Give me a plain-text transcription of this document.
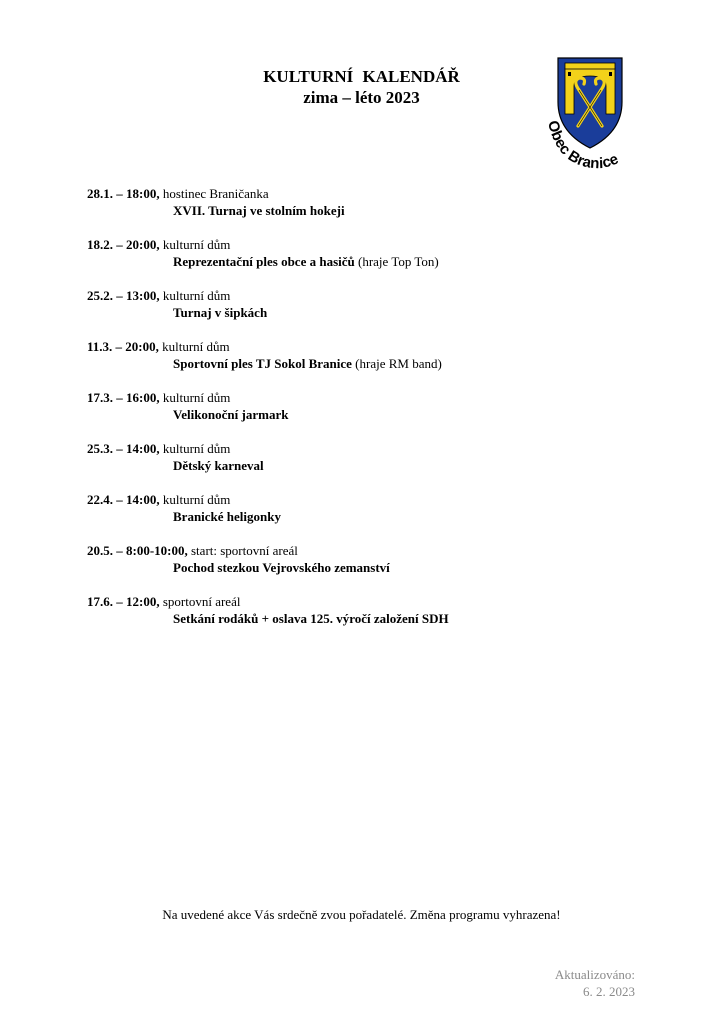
KULTURNÍ KALENDÁŘ
zima – léto 2023
Obec Branice
28.1. – 18:00, hostinec Braničanka
XVII. Turnaj ve stolním hokeji
18.2. – 20:00, kulturní dům
Reprezentační ples obce a hasičů (hraje Top Ton)
25.2. – 13:00, kulturní dům
Turnaj v šipkách
11.3. – 20:00, kulturní dům
Sportovní ples TJ Sokol Branice (hraje RM band)
17.3. – 16:00, kulturní dům
Velikonoční jarmark
25.3. – 14:00, kulturní dům
Dětský karneval
22.4. – 14:00, kulturní dům
Branické heligonky
20.5. – 8:00-10:00, start: sportovní areál
Pochod stezkou Vejrovského zemanství
17.6. – 12:00, sportovní areál
Setkání rodáků + oslava 125. výročí založení SDH
Na uvedené akce Vás srdečně zvou pořadatelé. Změna programu vyhrazena!
Aktualizováno:
6. 2. 2023
